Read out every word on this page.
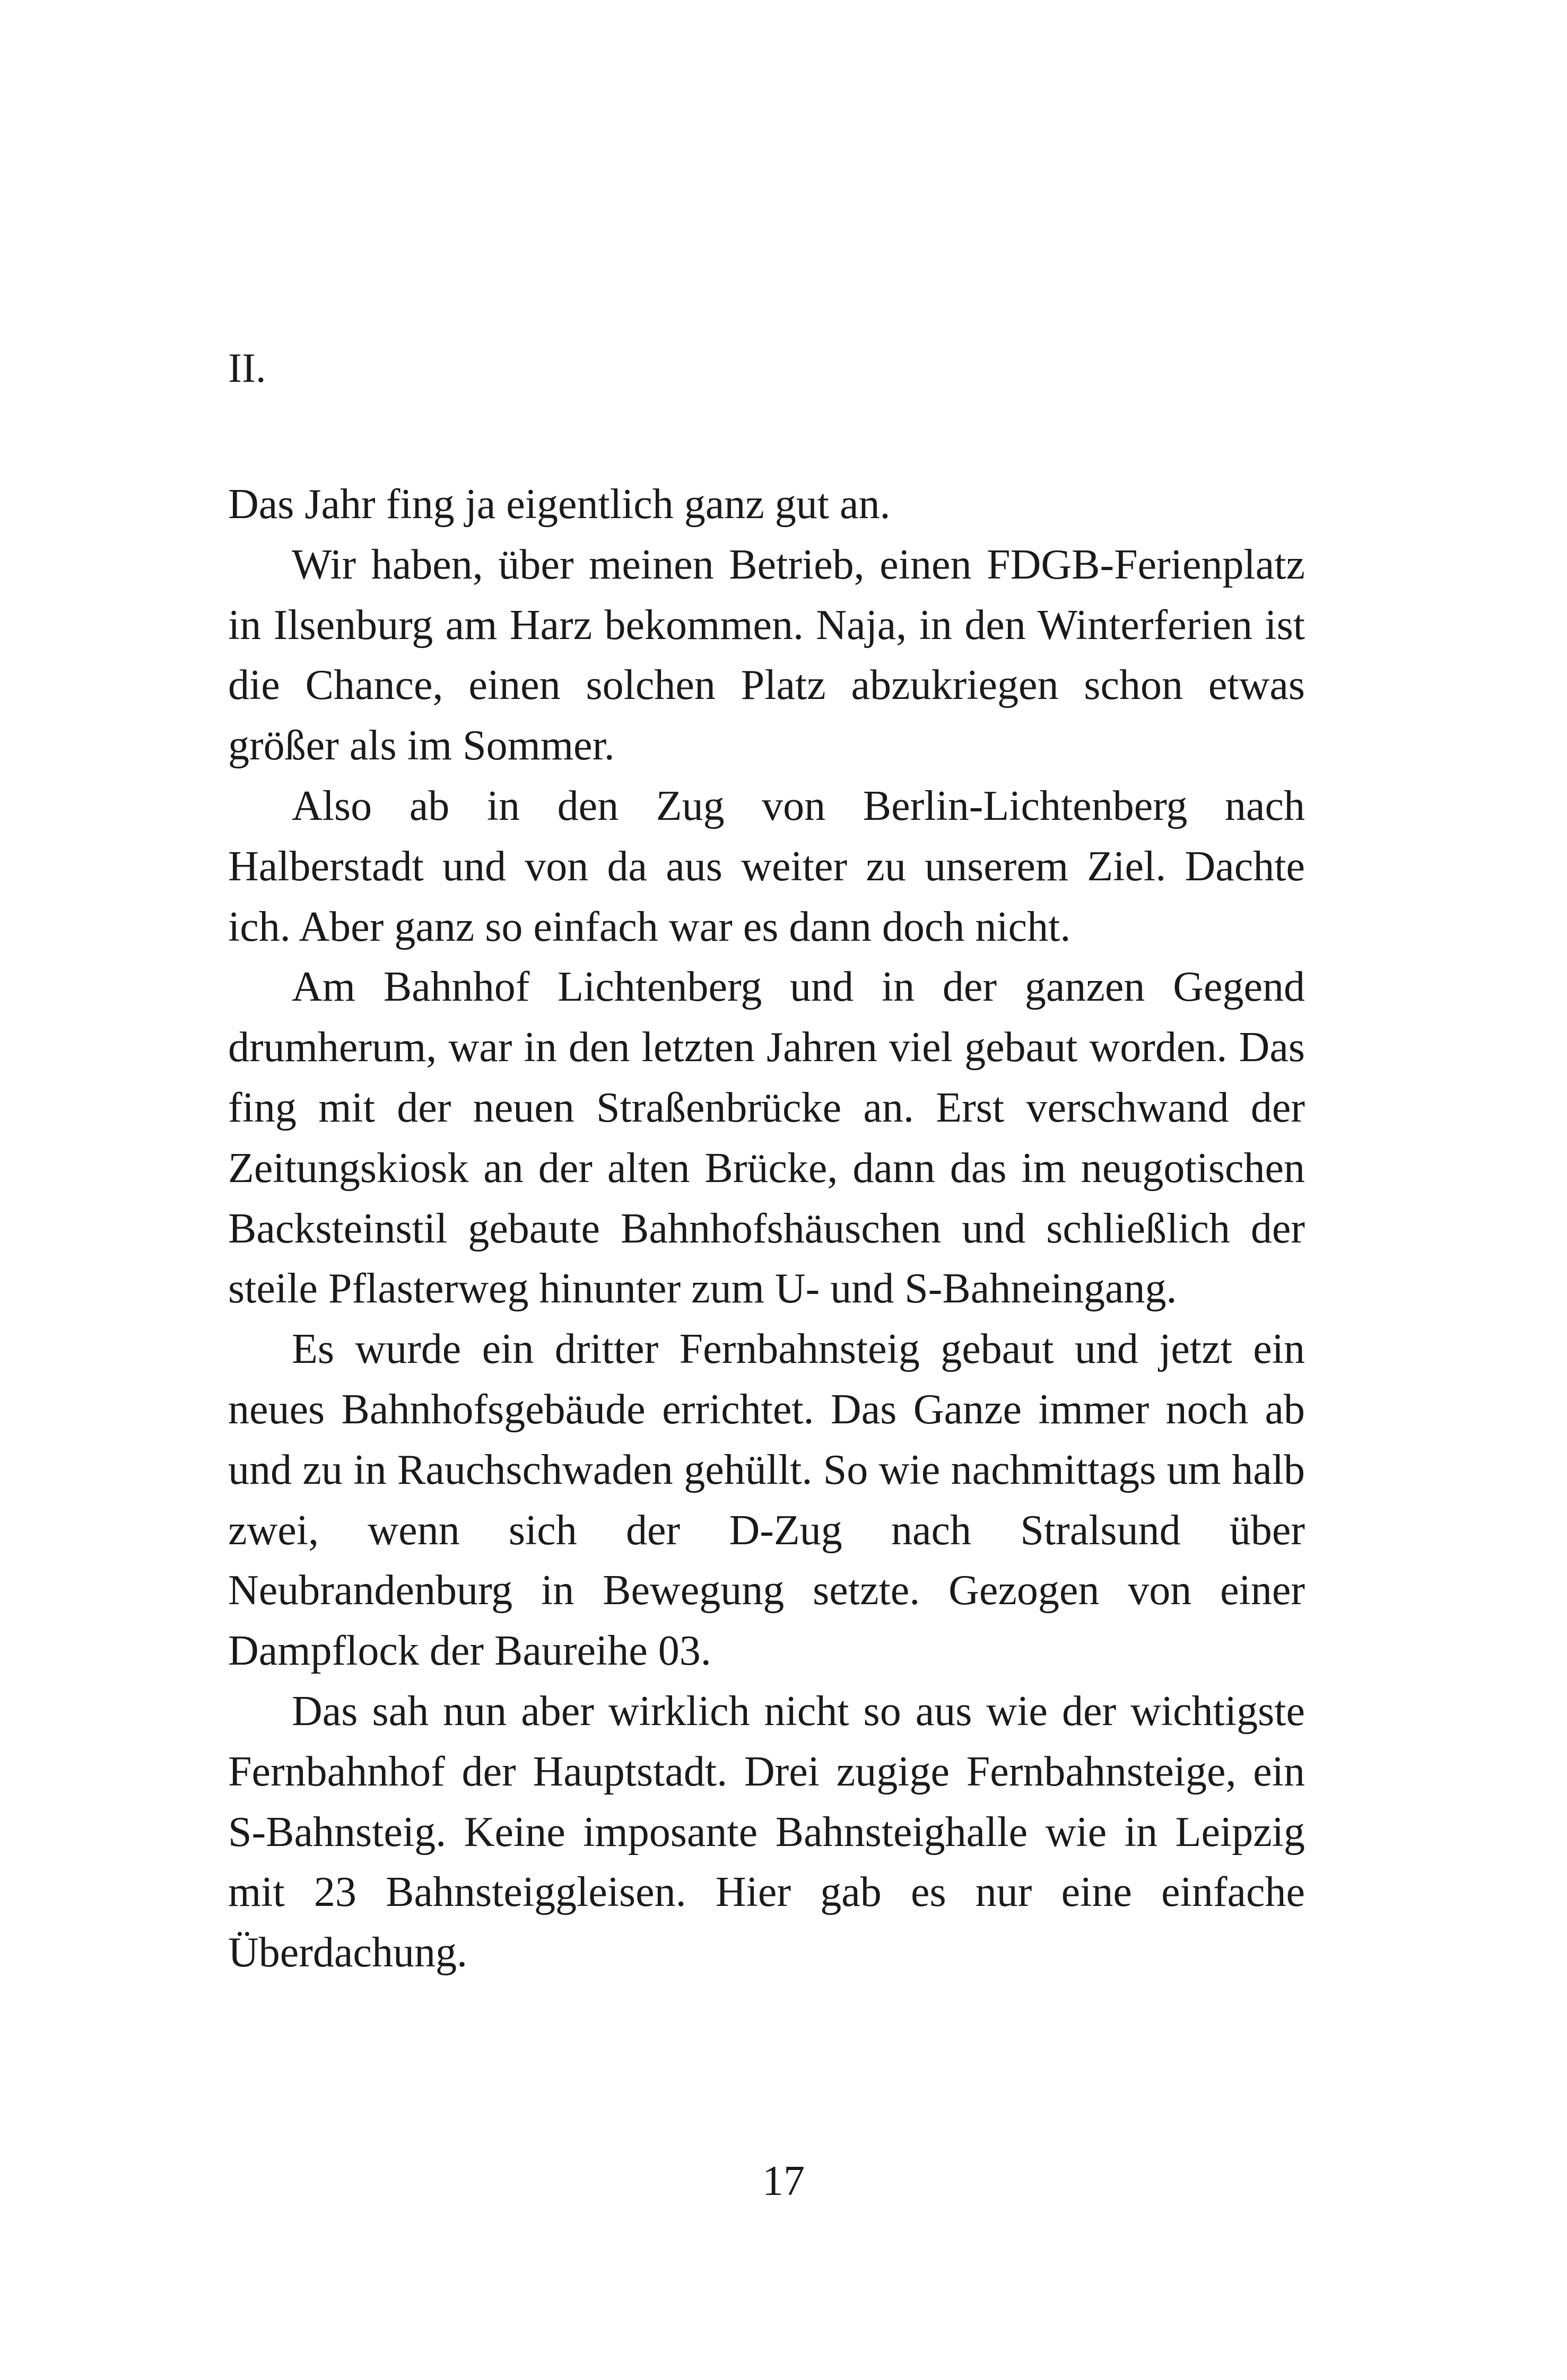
II.

Das Jahr fing ja eigentlich ganz gut an.

Wir haben, über meinen Betrieb, einen FDGB-Ferienplatz in Ilsenburg am Harz bekommen. Naja, in den Winterferien ist die Chance, einen solchen Platz abzukriegen schon etwas größer als im Sommer.

Also ab in den Zug von Berlin-Lichtenberg nach Halberstadt und von da aus weiter zu unserem Ziel. Dachte ich. Aber ganz so einfach war es dann doch nicht.

Am Bahnhof Lichtenberg und in der ganzen Gegend drumherum, war in den letzten Jahren viel gebaut worden. Das fing mit der neuen Straßenbrücke an. Erst verschwand der Zeitungskiosk an der alten Brücke, dann das im neugotischen Backsteinstil gebaute Bahnhofshäuschen und schließlich der steile Pflasterweg hinunter zum U- und S-Bahneingang.

Es wurde ein dritter Fernbahnsteig gebaut und jetzt ein neues Bahnhofsgebäude errichtet. Das Ganze immer noch ab und zu in Rauchschwaden gehüllt. So wie nachmittags um halb zwei, wenn sich der D-Zug nach Stralsund über Neubrandenburg in Bewegung setzte. Gezogen von einer Dampflock der Baureihe 03.

Das sah nun aber wirklich nicht so aus wie der wichtigste Fernbahnhof der Hauptstadt. Drei zugige Fernbahnsteige, ein S-Bahnsteig. Keine imposante Bahnsteighalle wie in Leipzig mit 23 Bahnsteiggleisen. Hier gab es nur eine einfache Überdachung.

17
